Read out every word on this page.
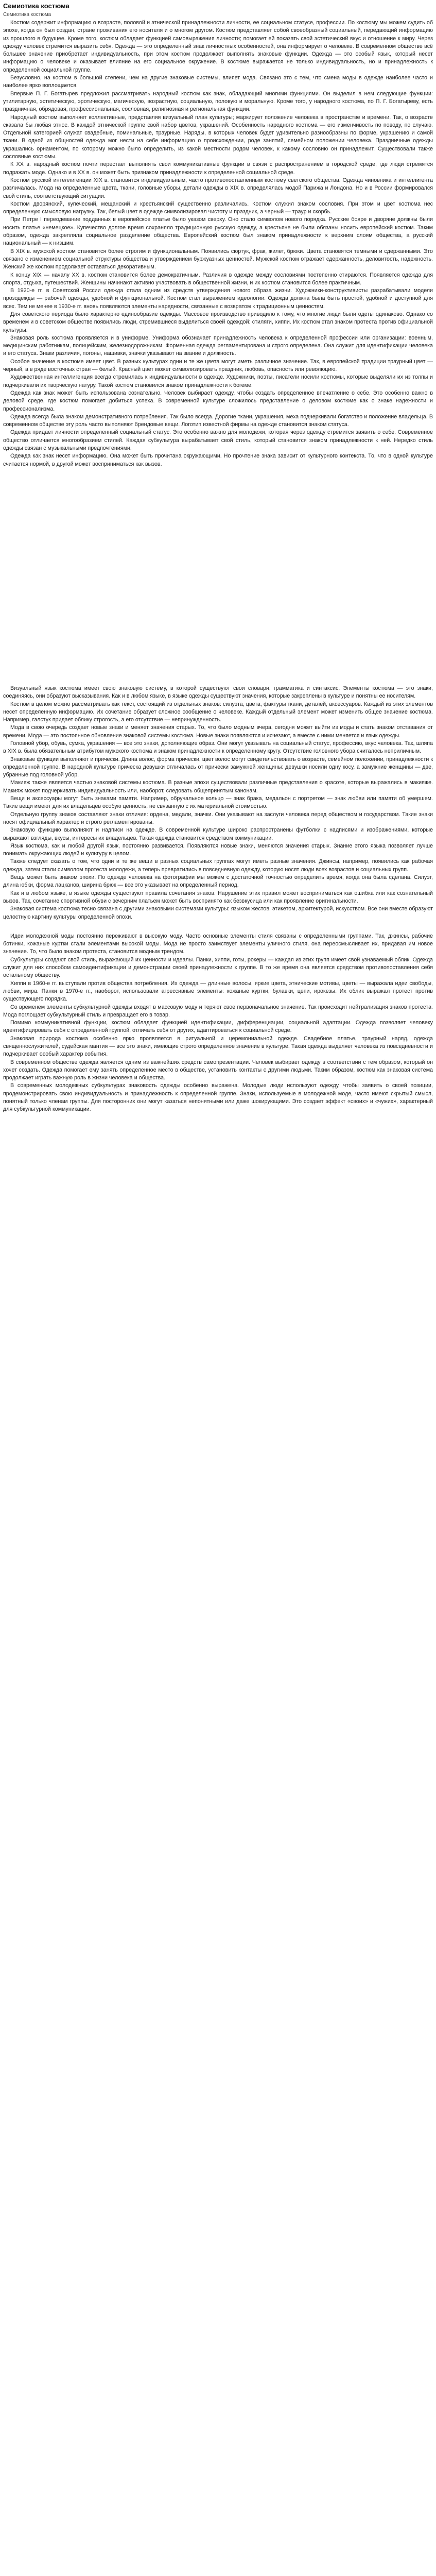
Семиотика костюма
Семиотика костюма

Костюм содержит информацию о возрасте, половой и этнической принадлежности личности, ее социальном статусе, профессии. По костюму мы можем судить об эпохе, когда он был создан, стране проживания его носителя и о многом другом. Костюм представляет собой своеобразный социальный, передающий информацию из прошлого в будущее. Кроме того, костюм обладает функцией самовыражения личности; помогает ей показать свой эстетический вкус и отношение к миру. Через одежду человек стремится выразить себя. Одежда — это определенный знак личностных особенностей, она информирует о человеке. В современном обществе всё большее значение приобретает индивидуальность, при этом костюм продолжает выполнять знаковые функции. Одежда — это особый язык, который несет информацию о человеке и оказывает влияние на его социальное окружение. В костюме выражается не только индивидуальность, но и принадлежность к определенной социальной группе.

Безусловно, на костюм в большой степени, чем на другие знаковые системы, влияет мода. Связано это с тем, что смена моды в одежде наиболее часто и наиболее ярко воплощается.

Впервые П. Г. Богатырев предложил рассматривать народный костюм как знак, обладающий многими функциями. Он выделил в нем следующие функции: утилитарную, эстетическую, эротическую, магическую, возрастную, социальную, половую и моральную. Кроме того, у народного костюма, по П. Г. Богатыреву, есть праздничная, обрядовая, профессиональная, сословная, религиозная и региональная функции.

Народный костюм выполняет коллективные, представляя визуальный план культуры; маркирует положение человека в пространстве и времени. Так, о возрасте сказала бы любая этнос. В каждой этнической группе свой набор цветов, украшений. Особенность народного костюма — его изменчивость по поводу, по случаю. Отдельной категорией служат свадебные, поминальные, траурные. Наряды, в которых человек будет удивительно разнообразны по форме, украшению и самой ткани. В одной из общностей одежда мог нести на себе информацию о происхождении, роде занятий, семейном положении человека. Праздничные одежды украшались орнаментом, по которому можно было определить, из какой местности родом человек, к какому сословию он принадлежит. Существовали также сословные костюмы.

К XX в. народный костюм почти перестает выполнять свои коммуникативные функции в связи с распространением в городской среде, где люди стремятся подражать моде. Однако и в XX в. он может быть признаком принадлежности к определенной социальной среде.

Костюм русской интеллигенции XIX в. становится индивидуальным, часто противопоставленным костюму светского общества. Одежда чиновника и интеллигента различалась. Мода на определенные цвета, ткани, головные уборы, детали одежды в XIX в. определялась модой Парижа и Лондона. Но и в России формировался свой стиль, соответствующий ситуации.

Костюм дворянский, купеческий, мещанский и крестьянский существенно различались. Костюм служил знаком сословия. При этом и цвет костюма нес определенную смысловую нагрузку. Так, белый цвет в одежде символизировал чистоту и праздник, а черный — траур и скорбь.

При Петре I переодевание подданных в европейское платье было указом сверху. Оно стало символом нового порядка. Русские бояре и дворяне должны были носить платье «немецкое». Купечество долгое время сохраняло традиционную русскую одежду, а крестьяне не были обязаны носить европейский костюм. Таким образом, одежда закрепляла социальное разделение общества. Европейский костюм был знаком принадлежности к верхним слоям общества, а русский национальный — к низшим.

В XIX в. мужской костюм становится более строгим и функциональным. Появились сюртук, фрак, жилет, брюки. Цвета становятся темными и сдержанными. Это связано с изменением социальной структуры общества и утверждением буржуазных ценностей. Мужской костюм отражает сдержанность, деловитость, надежность. Женский же костюм продолжает оставаться декоративным.

К концу XIX — началу XX в. костюм становится более демократичным. Различия в одежде между сословиями постепенно стираются. Появляется одежда для спорта, отдыха, путешествий. Женщины начинают активно участвовать в общественной жизни, и их костюм становится более практичным.

В 1920-е гг. в Советской России одежда стала одним из средств утверждения нового образа жизни. Художники-конструктивисты разрабатывали модели прозодежды — рабочей одежды, удобной и функциональной. Костюм стал выражением идеологии. Одежда должна была быть простой, удобной и доступной для всех. Тем не менее в 1930-е гг. вновь появляются элементы нарядности, связанные с возвратом к традиционным ценностям.

Для советского периода было характерно единообразие одежды. Массовое производство приводило к тому, что многие люди были одеты одинаково. Однако со временем и в советском обществе появились люди, стремившиеся выделиться своей одеждой: стиляги, хиппи. Их костюм стал знаком протеста против официальной культуры.

Знаковая роль костюма проявляется и в униформе. Униформа обозначает принадлежность человека к определенной профессии или организации: военным, медицинским работникам, полицейским, железнодорожникам. Форменная одежда регламентирована и строго определена. Она служит для идентификации человека и его статуса. Знаки различия, погоны, нашивки, значки указывают на звание и должность.

Особое значение в костюме имеет цвет. В разных культурах одни и те же цвета могут иметь различное значение. Так, в европейской традиции траурный цвет — черный, а в ряде восточных стран — белый. Красный цвет может символизировать праздник, любовь, опасность или революцию.

Художественная интеллигенция всегда стремилась к индивидуальности в одежде. Художники, поэты, писатели носили костюмы, которые выделяли их из толпы и подчеркивали их творческую натуру. Такой костюм становился знаком принадлежности к богеме.

Одежда как знак может быть использована сознательно. Человек выбирает одежду, чтобы создать определенное впечатление о себе. Это особенно важно в деловой среде, где костюм помогает добиться успеха. В современной культуре сложилось представление о деловом костюме как о знаке надежности и профессионализма.

Одежда всегда была знаком демонстративного потребления. Так было всегда. Дорогие ткани, украшения, меха подчеркивали богатство и положение владельца. В современном обществе эту роль часто выполняют брендовые вещи. Логотип известной фирмы на одежде становится знаком статуса.

Одежда придает личности определенный социальный статус. Это особенно важно для молодежи, которая через одежду стремится заявить о себе. Современное общество отличается многообразием стилей. Каждая субкультура вырабатывает свой стиль, который становится знаком принадлежности к ней. Нередко стиль одежды связан с музыкальными предпочтениями.

Одежда как знак несет информацию. Она может быть прочитана окружающими. Но прочтение знака зависит от культурного контекста. То, что в одной культуре считается нормой, в другой может восприниматься как вызов.

Визуальный язык костюма имеет свою знаковую систему, в которой существуют свои словари, грамматика и синтаксис. Элементы костюма — это знаки, соединяясь, они образуют высказывания. Как и в любом языке, в языке одежды существуют значения, которые закреплены в культуре и понятны ее носителям.

Костюм в целом можно рассматривать как текст, состоящий из отдельных знаков: силуэта, цвета, фактуры ткани, деталей, аксессуаров. Каждый из этих элементов несет определенную информацию. Их сочетание образует сложное сообщение о человеке. Каждый отдельный элемент может изменить общее значение костюма. Например, галстук придает облику строгость, а его отсутствие — непринужденность.

Мода в свою очередь создает новые знаки и меняет значения старых. То, что было модным вчера, сегодня может выйти из моды и стать знаком отставания от времени. Мода — это постоянное обновление знаковой системы костюма. Новые знаки появляются и исчезают, а вместе с ними меняется и язык одежды.

Головной убор, обувь, сумка, украшения — все это знаки, дополняющие образ. Они могут указывать на социальный статус, профессию, вкус человека. Так, шляпа в XIX в. была обязательным атрибутом мужского костюма и знаком принадлежности к определенному кругу. Отсутствие головного убора считалось неприличным.

Знаковые функции выполняют и прически. Длина волос, форма прически, цвет волос могут свидетельствовать о возрасте, семейном положении, принадлежности к определенной группе. В народной культуре прическа девушки отличалась от прически замужней женщины: девушки носили одну косу, а замужние женщины — две, убранные под головной убор.

Макияж также является частью знаковой системы костюма. В разные эпохи существовали различные представления о красоте, которые выражались в макияже. Макияж может подчеркивать индивидуальность или, наоборот, следовать общепринятым канонам.

Вещи и аксессуары могут быть знаками памяти. Например, обручальное кольцо — знак брака, медальон с портретом — знак любви или памяти об умершем. Такие вещи имеют для их владельцев особую ценность, не связанную с их материальной стоимостью.

Отдельную группу знаков составляют знаки отличия: ордена, медали, значки. Они указывают на заслуги человека перед обществом и государством. Такие знаки носят официальный характер и строго регламентированы.

Знаковую функцию выполняют и надписи на одежде. В современной культуре широко распространены футболки с надписями и изображениями, которые выражают взгляды, вкусы, интересы их владельцев. Такая одежда становится средством коммуникации.

Язык костюма, как и любой другой язык, постоянно развивается. Появляются новые знаки, меняются значения старых. Знание этого языка позволяет лучше понимать окружающих людей и культуру в целом.

Также следует сказать о том, что одни и те же вещи в разных социальных группах могут иметь разные значения. Джинсы, например, появились как рабочая одежда, затем стали символом протеста молодежи, а теперь превратились в повседневную одежду, которую носят люди всех возрастов и социальных групп.

Вещь может быть знаком эпохи. По одежде человека на фотографии мы можем с достаточной точностью определить время, когда она была сделана. Силуэт, длина юбки, форма лацканов, ширина брюк — все это указывает на определенный период.

Как и в любом языке, в языке одежды существуют правила сочетания знаков. Нарушение этих правил может восприниматься как ошибка или как сознательный вызов. Так, сочетание спортивной обуви с вечерним платьем может быть воспринято как безвкусица или как проявление оригинальности.

Знаковая система костюма тесно связана с другими знаковыми системами культуры: языком жестов, этикетом, архитектурой, искусством. Все они вместе образуют целостную картину культуры определенной эпохи.

Идеи молодежной моды постоянно переживают в высокую моду. Часто основные элементы стиля связаны с определенными группами. Так, джинсы, рабочие ботинки, кожаные куртки стали элементами высокой моды. Мода не просто заимствует элементы уличного стиля, она переосмысливает их, придавая им новое значение. То, что было знаком протеста, становится модным трендом.

Субкультуры создают свой стиль, выражающий их ценности и идеалы. Панки, хиппи, готы, рокеры — каждая из этих групп имеет свой узнаваемый облик. Одежда служит для них способом самоидентификации и демонстрации своей принадлежности к группе. В то же время она является средством противопоставления себя остальному обществу.

Хиппи в 1960-е гг. выступали против общества потребления. Их одежда — длинные волосы, яркие цвета, этнические мотивы, цветы — выражала идеи свободы, любви, мира. Панки в 1970-е гг., наоборот, использовали агрессивные элементы: кожаные куртки, булавки, цепи, ирокезы. Их облик выражал протест против существующего порядка.

Со временем элементы субкультурной одежды входят в массовую моду и теряют свое первоначальное значение. Так происходит нейтрализация знаков протеста. Мода поглощает субкультурный стиль и превращает его в товар.

Помимо коммуникативной функции, костюм обладает функцией идентификации, дифференциации, социальной адаптации. Одежда позволяет человеку идентифицировать себя с определенной группой, отличать себя от других, адаптироваться к социальной среде.

Знаковая природа костюма особенно ярко проявляется в ритуальной и церемониальной одежде. Свадебное платье, траурный наряд, одежда священнослужителей, судейская мантия — все это знаки, имеющие строго определенное значение в культуре. Такая одежда выделяет человека из повседневности и подчеркивает особый характер события.

В современном обществе одежда является одним из важнейших средств самопрезентации. Человек выбирает одежду в соответствии с тем образом, который он хочет создать. Одежда помогает ему занять определенное место в обществе, установить контакты с другими людьми. Таким образом, костюм как знаковая система продолжает играть важную роль в жизни человека и общества.

В современных молодежных субкультурах знаковость одежды особенно выражена. Молодые люди используют одежду, чтобы заявить о своей позиции, продемонстрировать свою индивидуальность и принадлежность к определенной группе. Знаки, используемые в молодежной моде, часто имеют скрытый смысл, понятный только членам группы. Для посторонних они могут казаться непонятными или даже шокирующими. Это создает эффект «своих» и «чужих», характерный для субкультурной коммуникации.
